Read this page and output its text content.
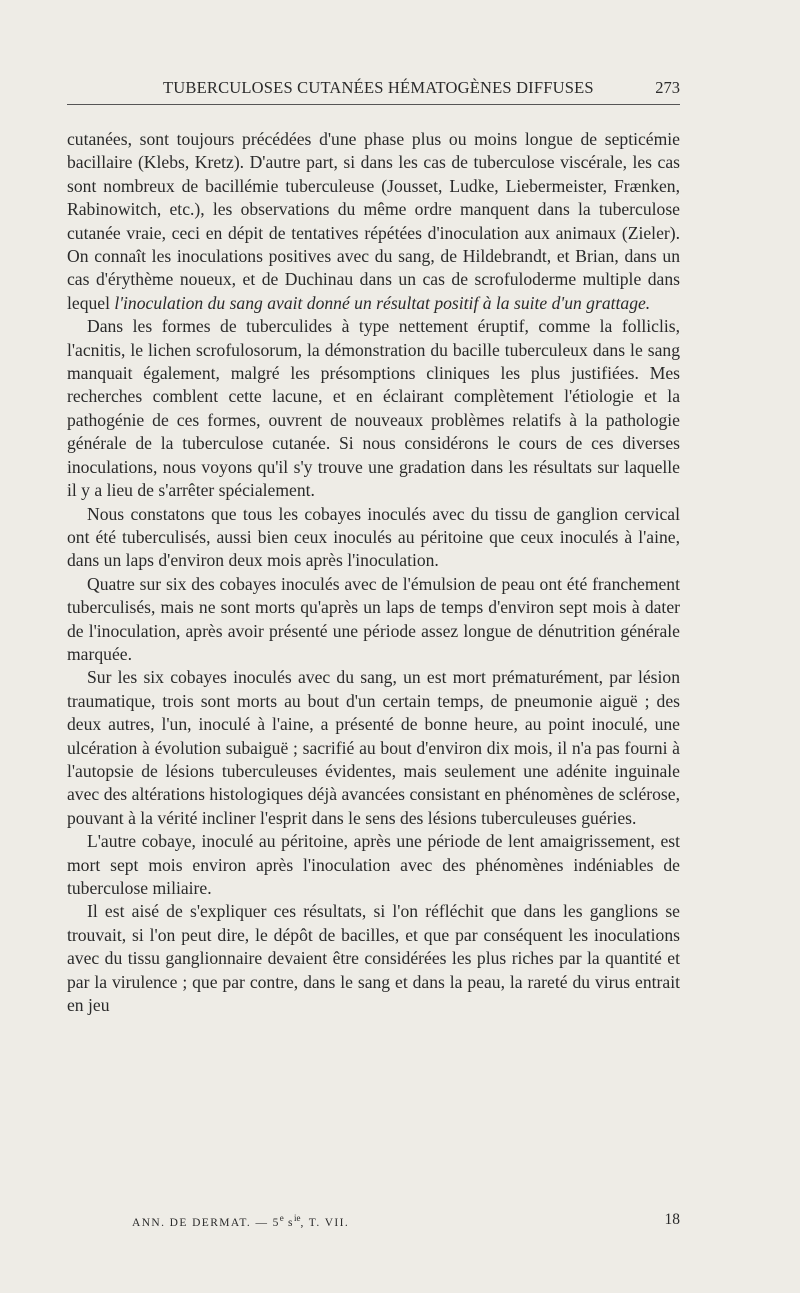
TUBERCULOSES CUTANÉES HÉMATOGÈNES DIFFUSES	273

cutanées, sont toujours précédées d'une phase plus ou moins longue de septicémie bacillaire (Klebs, Kretz). D'autre part, si dans les cas de tuberculose viscérale, les cas sont nombreux de bacillémie tuberculeuse (Jousset, Ludke, Liebermeister, Frænken, Rabinowitch, etc.), les observations du même ordre manquent dans la tuberculose cutanée vraie, ceci en dépit de tentatives répétées d'inoculation aux animaux (Zieler). On connaît les inoculations positives avec du sang, de Hildebrandt, et Brian, dans un cas d'érythème noueux, et de Duchinau dans un cas de scrofuloderme multiple dans lequel l'inoculation du sang avait donné un résultat positif à la suite d'un grattage.

Dans les formes de tuberculides à type nettement éruptif, comme la folliclis, l'acnitis, le lichen scrofulosorum, la démonstration du bacille tuberculeux dans le sang manquait également, malgré les présomptions cliniques les plus justifiées. Mes recherches comblent cette lacune, et en éclairant complètement l'étiologie et la pathogénie de ces formes, ouvrent de nouveaux problèmes relatifs à la pathologie générale de la tuberculose cutanée. Si nous considérons le cours de ces diverses inoculations, nous voyons qu'il s'y trouve une gradation dans les résultats sur laquelle il y a lieu de s'arrêter spécialement.

Nous constatons que tous les cobayes inoculés avec du tissu de ganglion cervical ont été tuberculisés, aussi bien ceux inoculés au péritoine que ceux inoculés à l'aine, dans un laps d'environ deux mois après l'inoculation.

Quatre sur six des cobayes inoculés avec de l'émulsion de peau ont été franchement tuberculisés, mais ne sont morts qu'après un laps de temps d'environ sept mois à dater de l'inoculation, après avoir présenté une période assez longue de dénutrition générale marquée.

Sur les six cobayes inoculés avec du sang, un est mort prématurément, par lésion traumatique, trois sont morts au bout d'un certain temps, de pneumonie aiguë ; des deux autres, l'un, inoculé à l'aine, a présenté de bonne heure, au point inoculé, une ulcération à évolution subaiguë ; sacrifié au bout d'environ dix mois, il n'a pas fourni à l'autopsie de lésions tuberculeuses évidentes, mais seulement une adénite inguinale avec des altérations histologiques déjà avancées consistant en phénomènes de sclérose, pouvant à la vérité incliner l'esprit dans le sens des lésions tuberculeuses guéries.

L'autre cobaye, inoculé au péritoine, après une période de lent amaigrissement, est mort sept mois environ après l'inoculation avec des phénomènes indéniables de tuberculose miliaire.

Il est aisé de s'expliquer ces résultats, si l'on réfléchit que dans les ganglions se trouvait, si l'on peut dire, le dépôt de bacilles, et que par conséquent les inoculations avec du tissu ganglionnaire devaient être considérées les plus riches par la quantité et par la virulence ; que par contre, dans le sang et dans la peau, la rareté du virus entrait en jeu

ANN. DE DERMAT. — 5e $s^{ie}$, T. VII.	18
